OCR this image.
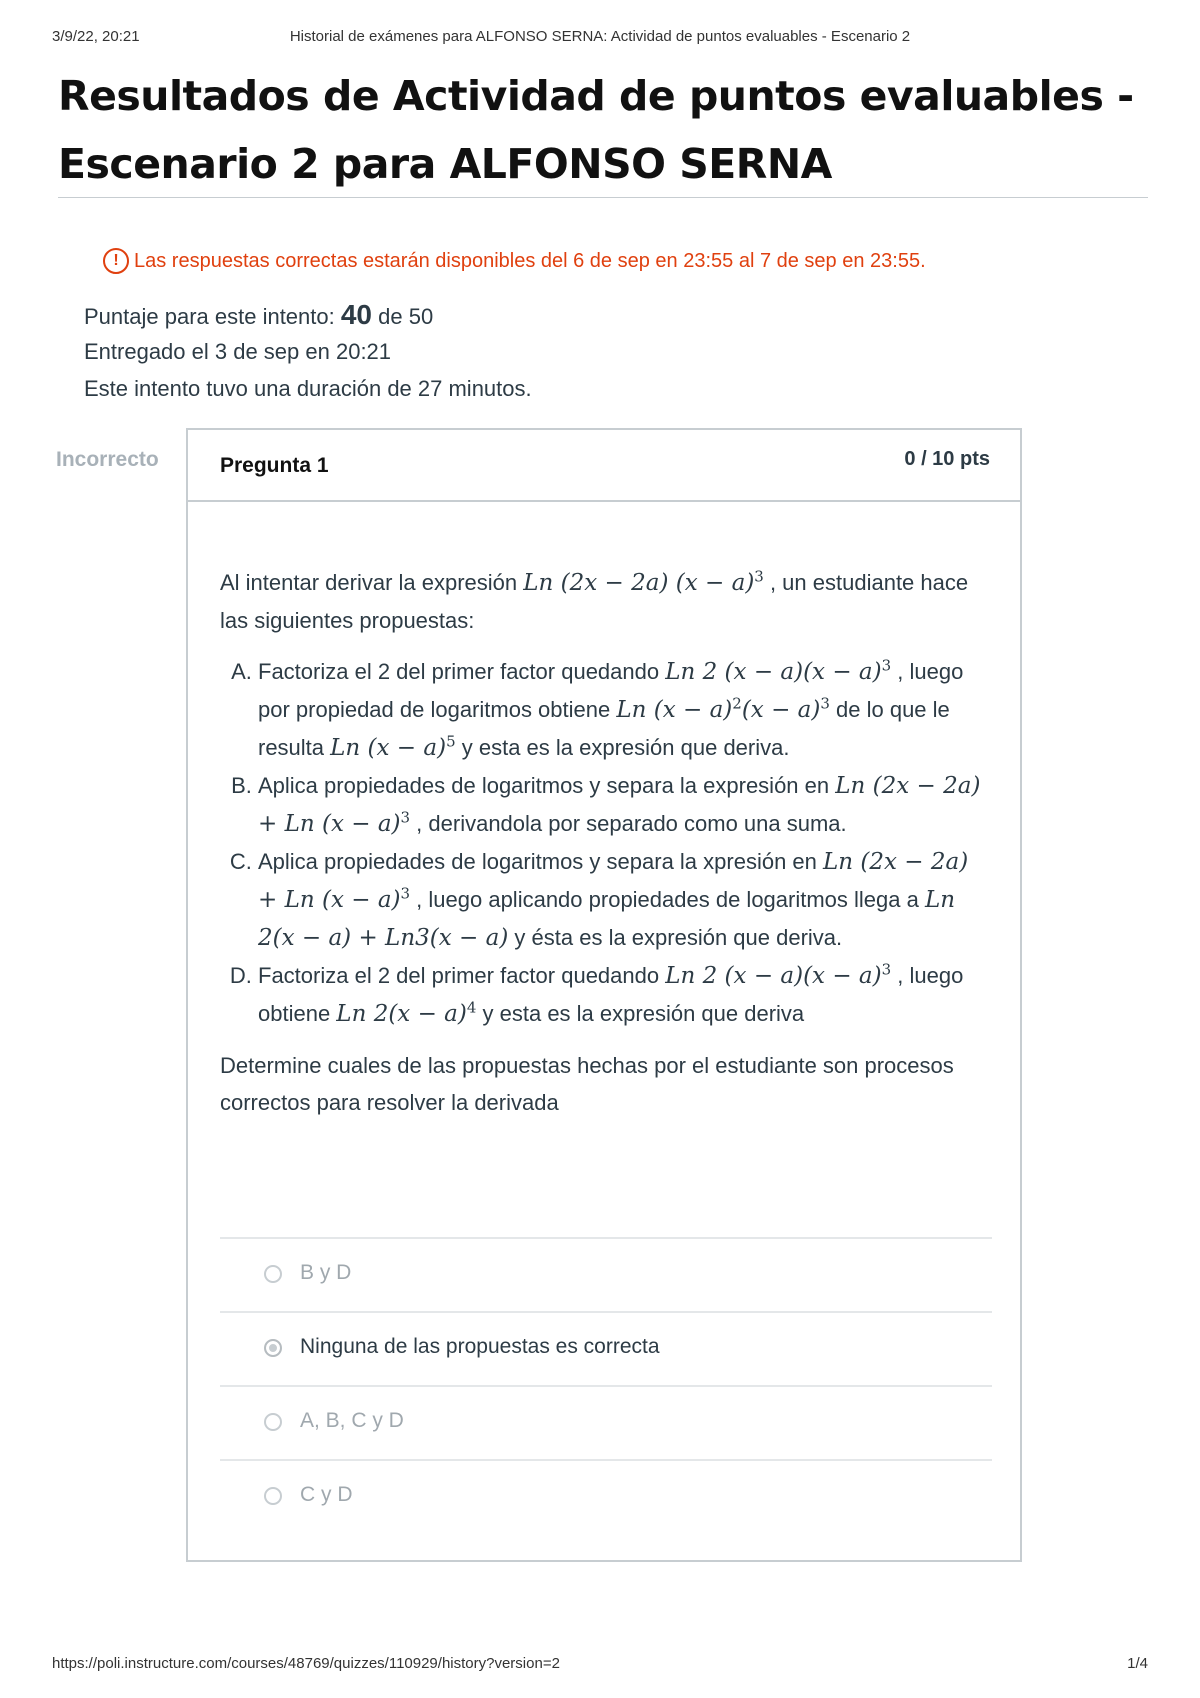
3/9/22, 20:21	Historial de exámenes para ALFONSO SERNA: Actividad de puntos evaluables - Escenario 2
Resultados de Actividad de puntos evaluables - Escenario 2 para ALFONSO SERNA
! Las respuestas correctas estarán disponibles del 6 de sep en 23:55 al 7 de sep en 23:55.
Puntaje para este intento: 40 de 50
Entregado el 3 de sep en 20:21
Este intento tuvo una duración de 27 minutos.
Incorrecto	Pregunta 1	0 / 10 pts
Al intentar derivar la expresión Ln (2x − 2a) $(x - a)^3$ , un estudiante hace las siguientes propuestas:
A. Factoriza el 2 del primer factor quedando Ln 2 $(x - a)(x - a)^3$ , luego por propiedad de logaritmos obtiene Ln $(x - a)^2(x - a)^3$ de lo que le resulta Ln $(x - a)^5$ y esta es la expresión que deriva.
B. Aplica propiedades de logaritmos y separa la expresión en Ln (2x − 2a) + Ln $(x - a)^3$ , derivandola por separado como una suma.
C. Aplica propiedades de logaritmos y separa la xpresión en Ln (2x − 2a) + Ln $(x - a)^3$ , luego aplicando propiedades de logaritmos llega a Ln 2(x − a) + Ln3(x − a) y ésta es la expresión que deriva.
D. Factoriza el 2 del primer factor quedando Ln 2 $(x - a)(x - a)^3$ , luego obtiene Ln $2(x - a)^4$ y esta es la expresión que deriva
Determine cuales de las propuestas hechas por el estudiante son procesos correctos para resolver la derivada
B y D
Ninguna de las propuestas es correcta
A, B, C y D
C y D
https://poli.instructure.com/courses/48769/quizzes/110929/history?version=2	1/4
